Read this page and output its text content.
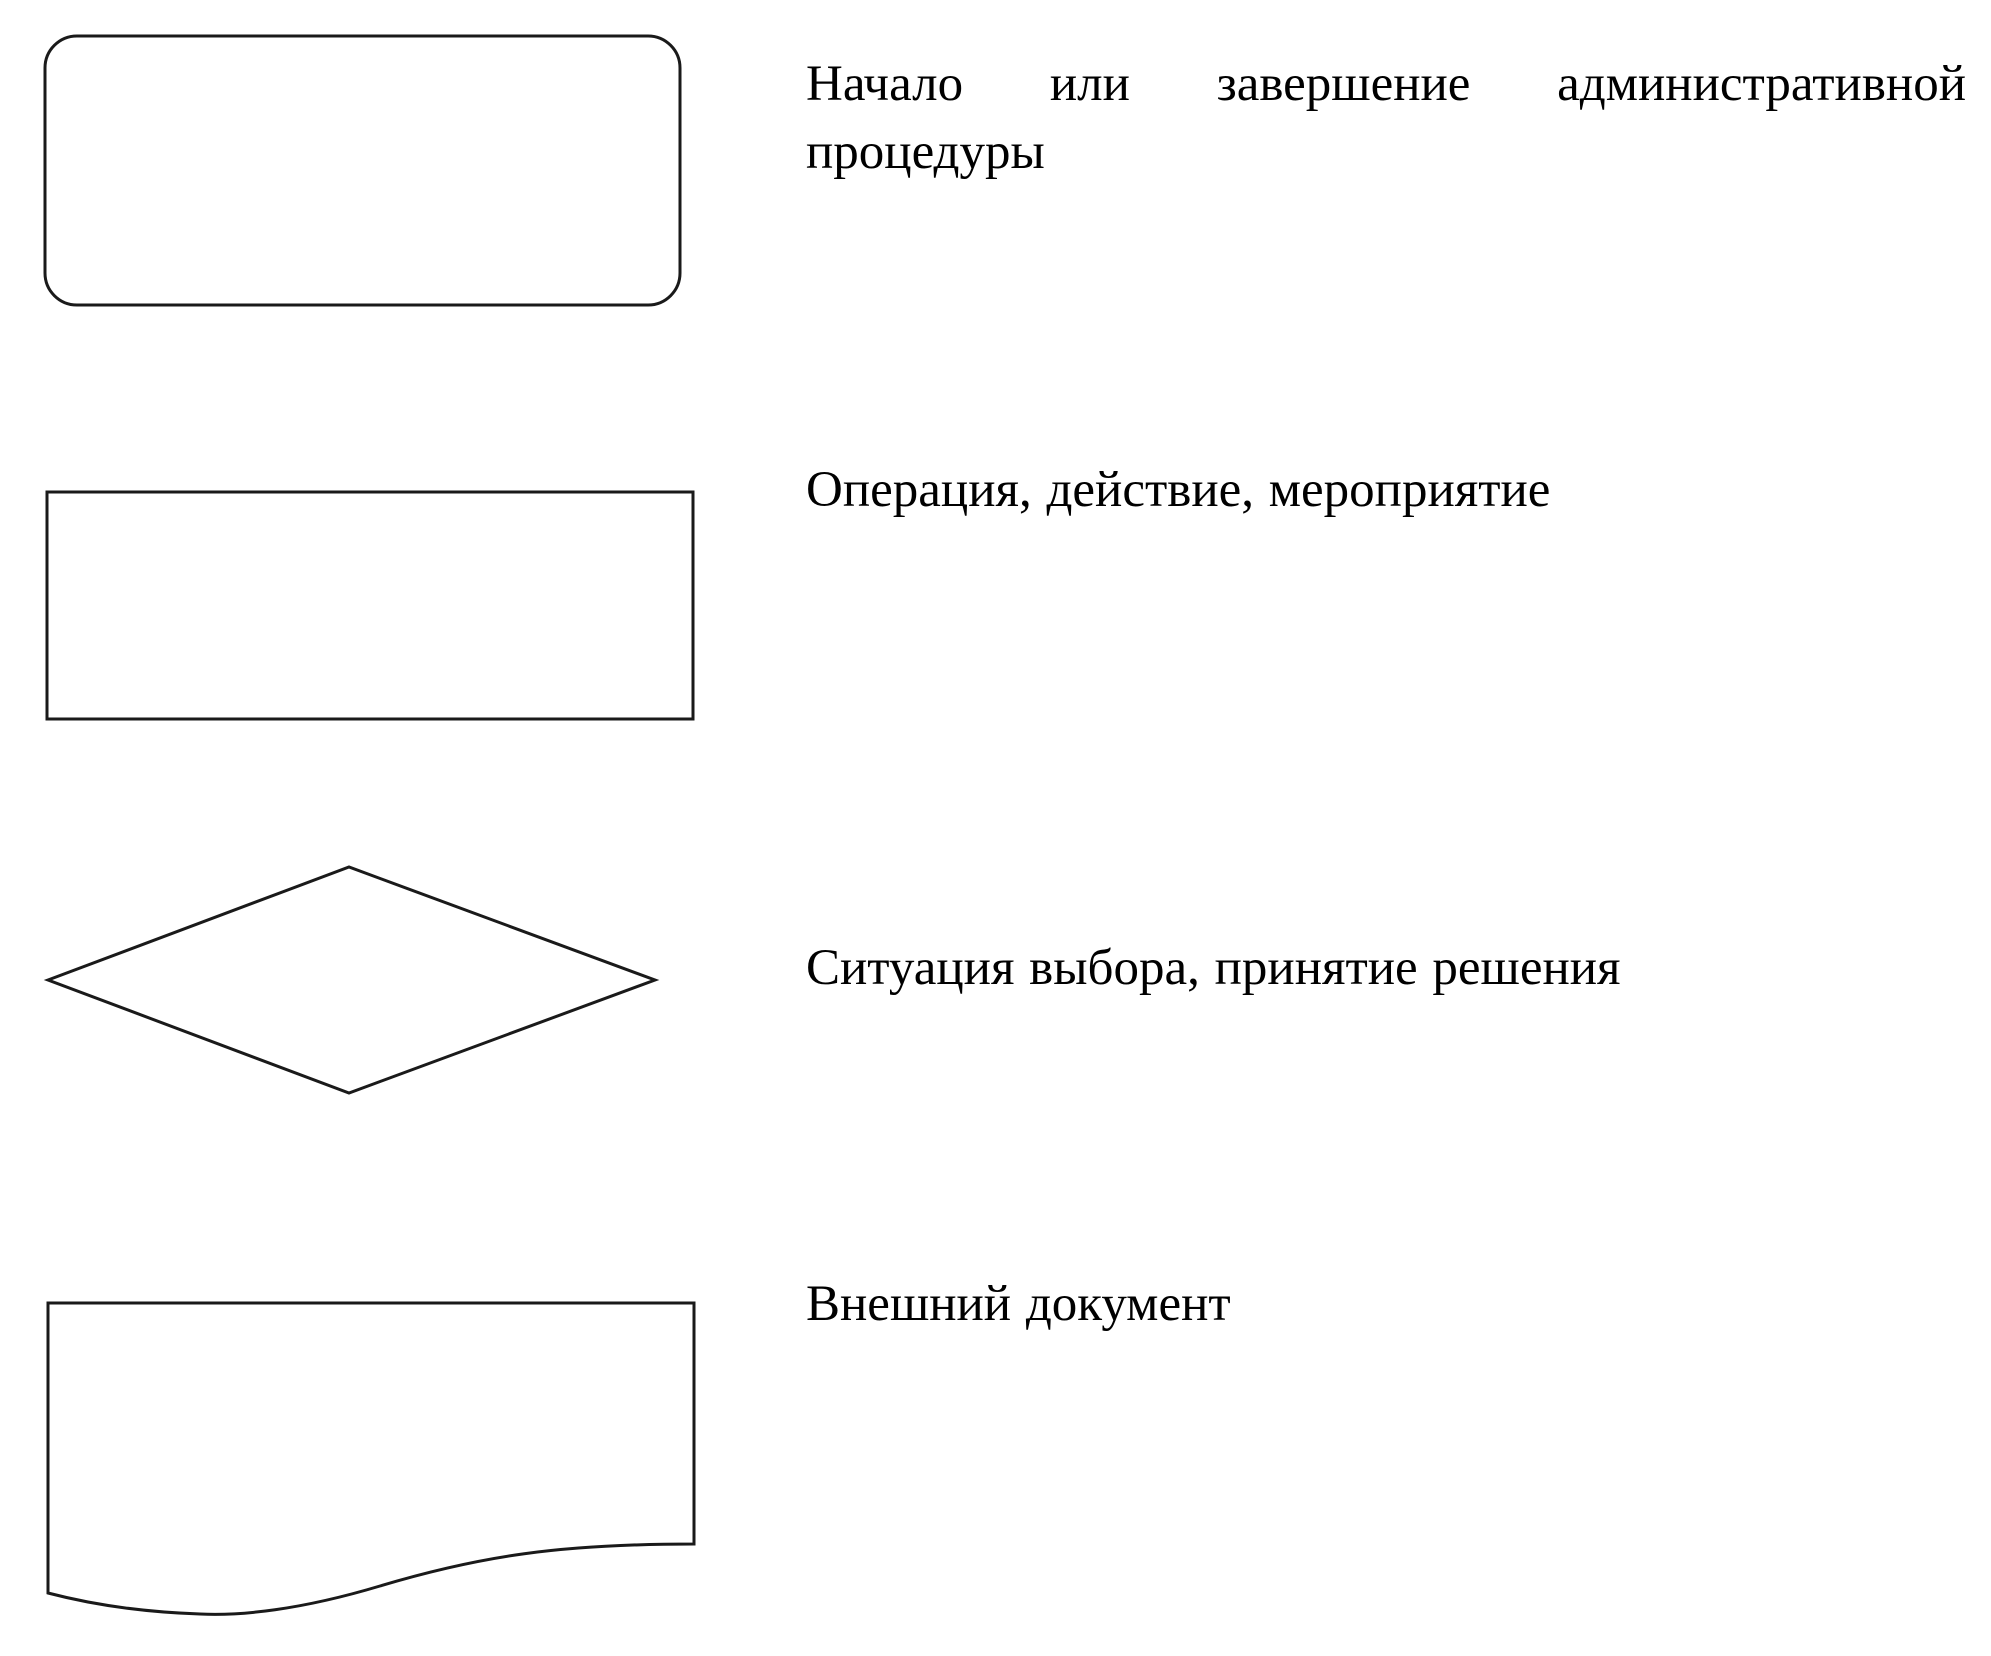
Начало или завершение административной
процедуры
Операция, действие, мероприятие
Ситуация выбора, принятие решения
Внешний документ
